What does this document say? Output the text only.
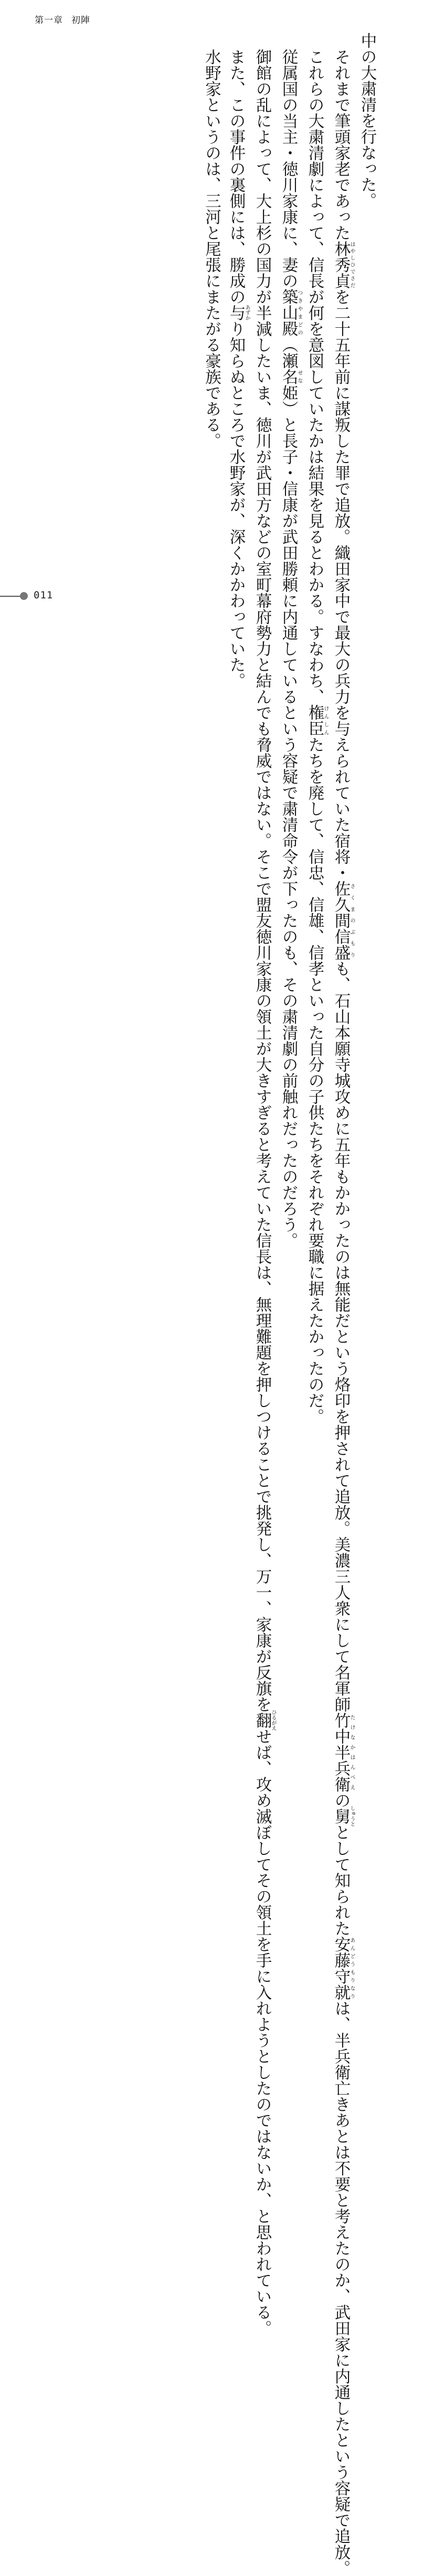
第一章 初陣

中の大粛清を行なった。

それまで筆頭家老であった林秀貞はやしひでさだを二十五年前に謀叛した罪で追放。織田家中で最大の兵力を与えられていた宿将・佐久間信盛さくまのぶもりも、石山本願寺城攻めに五年もかかったのは無能だという烙印を押されて追放。美濃三人衆にして名軍師竹中半兵衛たけなかはんべえの舅しゅうととして知られた安藤守就あんどうもりなりは、半兵衛亡きあとは不要と考えたのか、武田家に内通したという容疑で追放。

これらの大粛清劇によって、信長が何を意図していたかは結果を見るとわかる。すなわち、権臣けんしんたちを廃して、信忠、信雄、信孝といった自分の子供たちをそれぞれ要職に据えたかったのだ。

従属国の当主・徳川家康に、妻の築山殿つきやまどの（瀬名せな姫）と長子・信康が武田勝頼に内通しているという容疑で粛清命令が下ったのも、その粛清劇の前触れだったのだろう。

御館の乱によって、大上杉の国力が半減したいま、徳川が武田方などの室町幕府勢力と結んでも脅威ではない。そこで盟友徳川家康の領土が大きすぎると考えていた信長は、無理難題を押しつけることで挑発し、万一、家康が反旗を翻ひるがえせば、攻め滅ぼしてその領土を手に入れようとしたのではないか、と思われている。

また、この事件の裏側には、勝成の与あずかり知らぬところで水野家が、深くかかわっていた。

水野家というのは、三河と尾張にまたがる豪族である。

011
